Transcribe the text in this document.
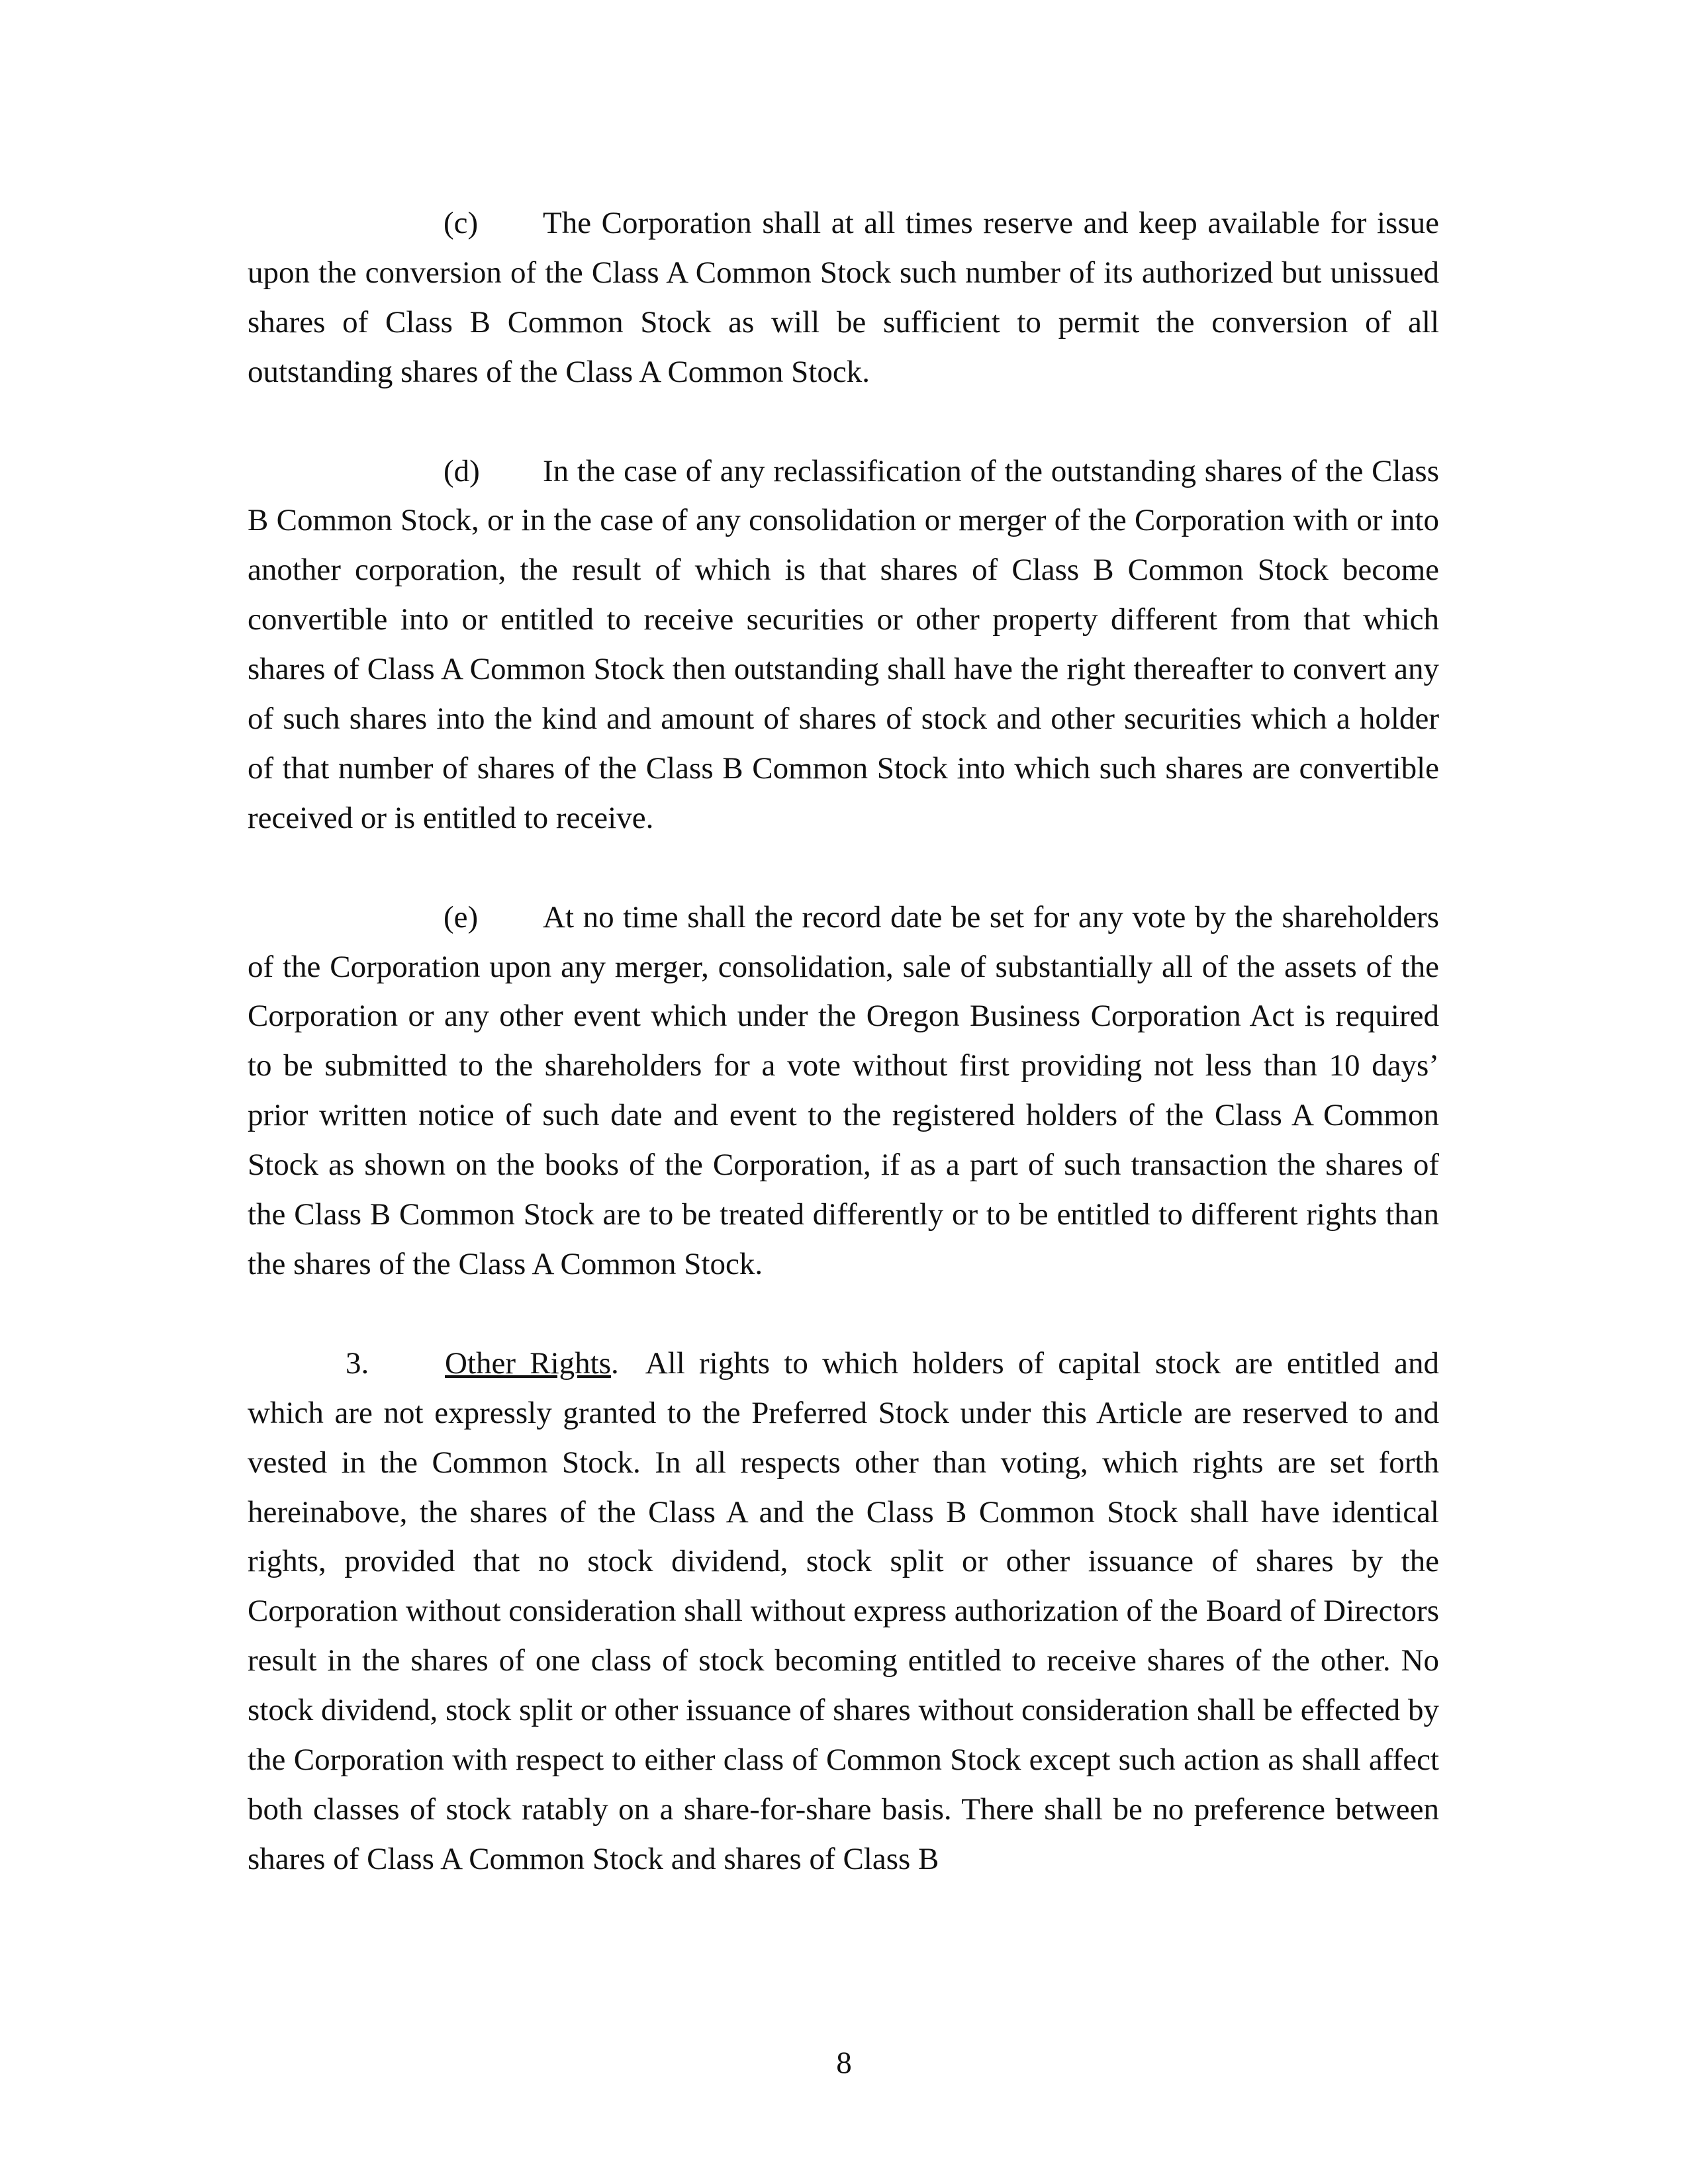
(c) The Corporation shall at all times reserve and keep available for issue upon the conversion of the Class A Common Stock such number of its authorized but unissued shares of Class B Common Stock as will be sufficient to permit the conversion of all outstanding shares of the Class A Common Stock.

(d) In the case of any reclassification of the outstanding shares of the Class B Common Stock, or in the case of any consolidation or merger of the Corporation with or into another corporation, the result of which is that shares of Class B Common Stock become convertible into or entitled to receive securities or other property different from that which shares of Class A Common Stock then outstanding shall have the right thereafter to convert any of such shares into the kind and amount of shares of stock and other securities which a holder of that number of shares of the Class B Common Stock into which such shares are convertible received or is entitled to receive.

(e) At no time shall the record date be set for any vote by the shareholders of the Corporation upon any merger, consolidation, sale of substantially all of the assets of the Corporation or any other event which under the Oregon Business Corporation Act is required to be submitted to the shareholders for a vote without first providing not less than 10 days’ prior written notice of such date and event to the registered holders of the Class A Common Stock as shown on the books of the Corporation, if as a part of such transaction the shares of the Class B Common Stock are to be treated differently or to be entitled to different rights than the shares of the Class A Common Stock.

3. Other Rights. All rights to which holders of capital stock are entitled and which are not expressly granted to the Preferred Stock under this Article are reserved to and vested in the Common Stock. In all respects other than voting, which rights are set forth hereinabove, the shares of the Class A and the Class B Common Stock shall have identical rights, provided that no stock dividend, stock split or other issuance of shares by the Corporation without consideration shall without express authorization of the Board of Directors result in the shares of one class of stock becoming entitled to receive shares of the other. No stock dividend, stock split or other issuance of shares without consideration shall be effected by the Corporation with respect to either class of Common Stock except such action as shall affect both classes of stock ratably on a share-for-share basis. There shall be no preference between shares of Class A Common Stock and shares of Class B

8
